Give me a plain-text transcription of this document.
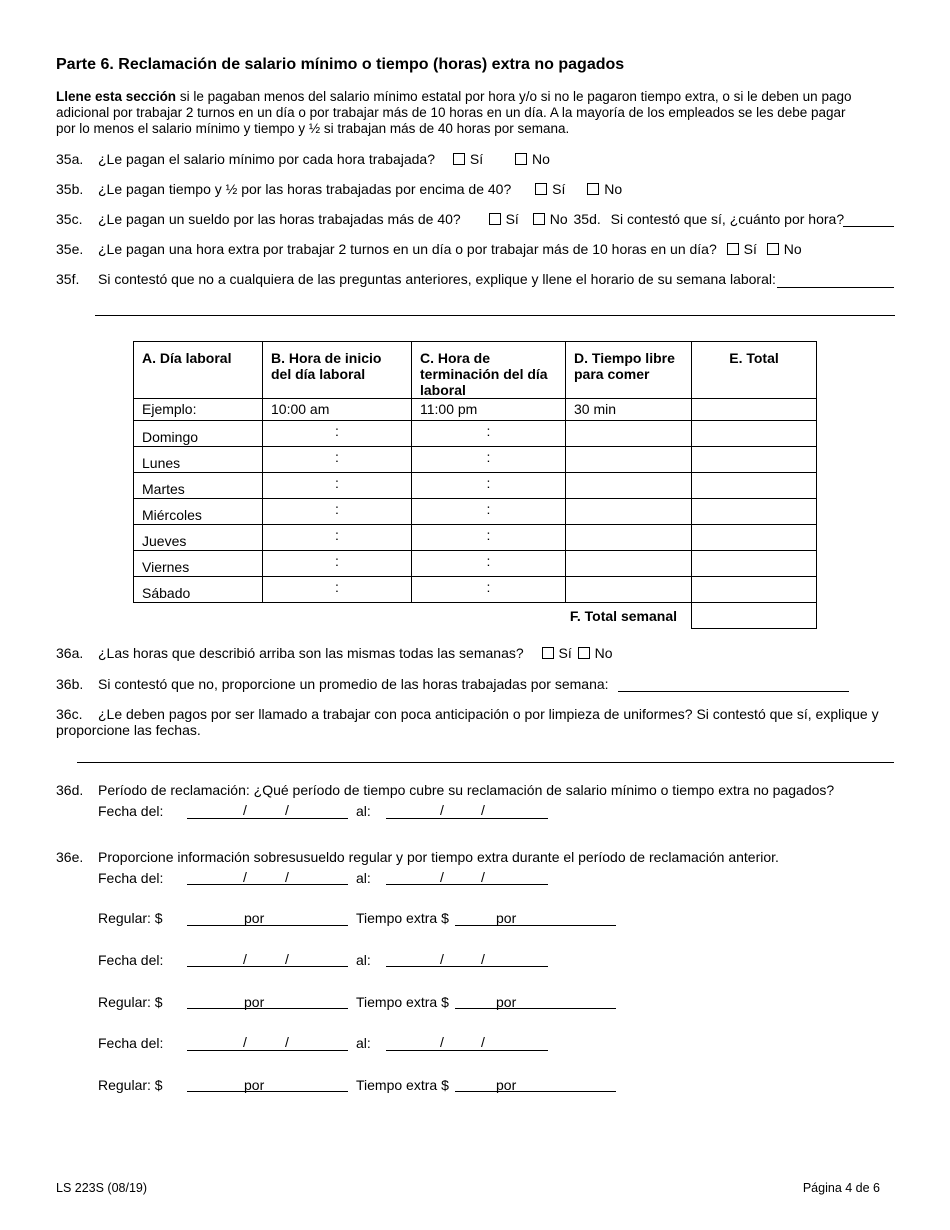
Parte 6. Reclamación de salario mínimo o tiempo (horas) extra no pagados
Llene esta sección si le pagaban menos del salario mínimo estatal por hora y/o si no le pagaron tiempo extra, o si le deben un pago adicional por trabajar 2 turnos en un día o por trabajar más de 10 horas en un día. A la mayoría de los empleados se les debe pagar por lo menos el salario mínimo y tiempo y ½ si trabajan más de 40 horas por semana.
35a. ¿Le pagan el salario mínimo por cada hora trabajada? Sí	No
35b. ¿Le pagan tiempo y ½ por las horas trabajadas por encima de 40?	Sí	No
35c. ¿Le pagan un sueldo por las horas trabajadas más de 40?	Sí No 35d. Si contestó que sí, ¿cuánto por hora?
35e. ¿Le pagan una hora extra por trabajar 2 turnos en un día o por trabajar más de 10 horas en un día? Sí No
35f. Si contestó que no a cualquiera de las preguntas anteriores, explique y llene el horario de su semana laboral:
A. Día laboral	B. Hora de inicio del día laboral	C. Hora de terminación del día laboral	D. Tiempo libre para comer	E. Total
Ejemplo:	10:00 am	11:00 pm	30 min	
Domingo	:	:		
Lunes	:	:		
Martes	:	:		
Miércoles	:	:		
Jueves	:	:		
Viernes	:	:		
Sábado	:	:		
F. Total semanal				
36a. ¿Las horas que describió arriba son las mismas todas las semanas? Sí No
36b. Si contestó que no, proporcione un promedio de las horas trabajadas por semana:
36c. ¿Le deben pagos por ser llamado a trabajar con poca anticipación o por limpieza de uniformes? Si contestó que sí, explique y proporcione las fechas.
36d. Período de reclamación: ¿Qué período de tiempo cubre su reclamación de salario mínimo o tiempo extra no pagados?
Fecha del:	/	/	al:	/	/
36e. Proporcione información sobresusueldo regular y por tiempo extra durante el período de reclamación anterior.
Fecha del:	/	/	al:	/	/
Regular: $	por	Tiempo extra $	por
Fecha del:	/	/	al:	/	/
Regular: $	por	Tiempo extra $	por
Fecha del:	/	/	al:	/	/
Regular: $	por	Tiempo extra $	por
LS 223S (08/19)	Página 4 de 6
